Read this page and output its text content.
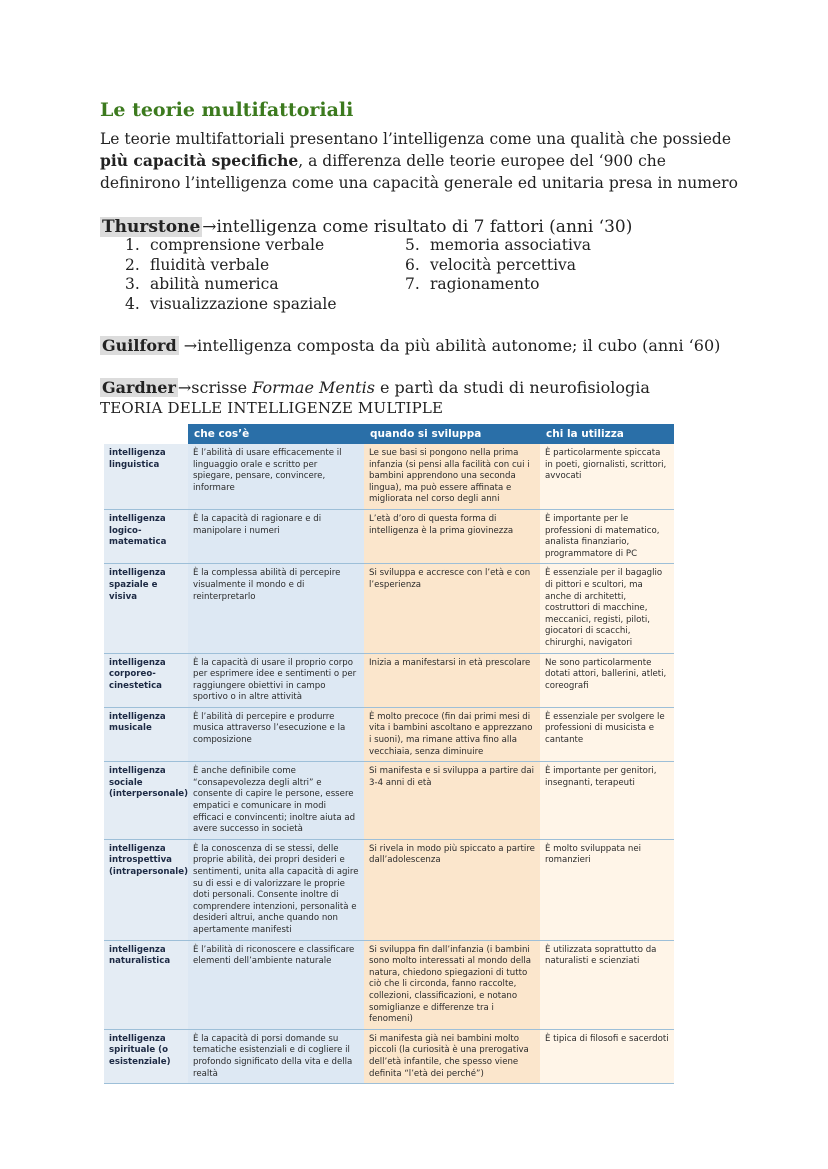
Le teorie multifattoriali

Le teorie multifattoriali presentano l’intelligenza come una qualità che possiede più capacità specifiche, a differenza delle teorie europee del ‘900 che definirono l’intelligenza come una capacità generale ed unitaria presa in numero

Thurstone →intelligenza come risultato di 7 fattori (anni ‘30)
1. comprensione verbale
2. fluidità verbale
3. abilità numerica
4. visualizzazione spaziale
5. memoria associativa
6. velocità percettiva
7. ragionamento
Guilford →intelligenza composta da più abilità autonome; il cubo (anni ‘60)
Gardner →scrisse Formae Mentis e partì da studi di neurofisiologia
TEORIA DELLE INTELLIGENZE MULTIPLE
	che cos’è	quando si sviluppa	chi la utilizza
intelligenza linguistica	È l’abilità di usare efficacemente il linguaggio orale e scritto per spiegare, pensare, convincere, informare	Le sue basi si pongono nella prima infanzia (si pensi alla facilità con cui i bambini apprendono una seconda lingua), ma può essere affinata e migliorata nel corso degli anni	È particolarmente spiccata in poeti, giornalisti, scrittori, avvocati
intelligenza logico-matematica	È la capacità di ragionare e di manipolare i numeri	L’età d’oro di questa forma di intelligenza è la prima giovinezza	È importante per le professioni di matematico, analista finanziario, programmatore di PC
intelligenza spaziale e visiva	È la complessa abilità di percepire visualmente il mondo e di reinterpretarlo	Si sviluppa e accresce con l’età e con l’esperienza	È essenziale per il bagaglio di pittori e scultori, ma anche di architetti, costruttori di macchine, meccanici, registi, piloti, giocatori di scacchi, chirurghi, navigatori
intelligenza corporeo-cinestetica	È la capacità di usare il proprio corpo per esprimere idee e sentimenti o per raggiungere obiettivi in campo sportivo o in altre attività	Inizia a manifestarsi in età prescolare	Ne sono particolarmente dotati attori, ballerini, atleti, coreografi
intelligenza musicale	È l’abilità di percepire e produrre musica attraverso l’esecuzione e la composizione	È molto precoce (fin dai primi mesi di vita i bambini ascoltano e apprezzano i suoni), ma rimane attiva fino alla vecchiaia, senza diminuire	È essenziale per svolgere le professioni di musicista e cantante
intelligenza sociale (interpersonale)	È anche definibile come “consapevolezza degli altri” e consente di capire le persone, essere empatici e comunicare in modi efficaci e convincenti; inoltre aiuta ad avere successo in società	Si manifesta e si sviluppa a partire dai 3-4 anni di età	È importante per genitori, insegnanti, terapeuti
intelligenza introspettiva (intrapersonale)	È la conoscenza di se stessi, delle proprie abilità, dei propri desideri e sentimenti, unita alla capacità di agire su di essi e di valorizzare le proprie doti personali. Consente inoltre di comprendere intenzioni, personalità e desideri altrui, anche quando non apertamente manifesti	Si rivela in modo più spiccato a partire dall’adolescenza	È molto sviluppata nei romanzieri
intelligenza naturalistica	È l’abilità di riconoscere e classificare elementi dell’ambiente naturale	Si sviluppa fin dall’infanzia (i bambini sono molto interessati al mondo della natura, chiedono spiegazioni di tutto ciò che li circonda, fanno raccolte, collezioni, classificazioni, e notano somiglianze e differenze tra i fenomeni)	È utilizzata soprattutto da naturalisti e scienziati
intelligenza spirituale (o esistenziale)	È la capacità di porsi domande su tematiche esistenziali e di cogliere il profondo significato della vita e della realtà	Si manifesta già nei bambini molto piccoli (la curiosità è una prerogativa dell’età infantile, che spesso viene definita “l’età dei perché”)	È tipica di filosofi e sacerdoti
